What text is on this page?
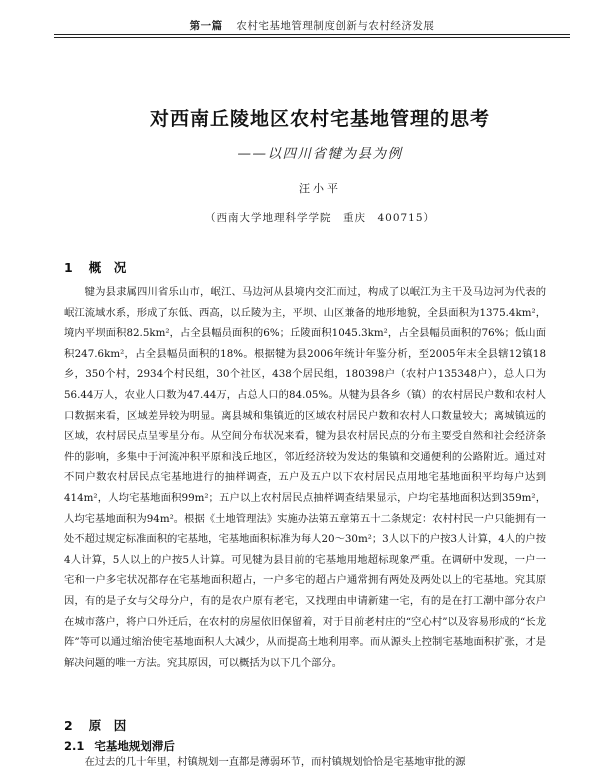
第一篇 农村宅基地管理制度创新与农村经济发展
对西南丘陵地区农村宅基地管理的思考
——以四川省犍为县为例
汪小平
（西南大学地理科学学院　重庆　400715）
1 概　况
犍为县隶属四川省乐山市，岷江、马边河从县境内交汇而过，构成了以岷江为主干及马边河为代表的岷江流域水系，形成了东低、西高，以丘陵为主，平坝、山区兼备的地形地貌，全县面积为1375.4km²，境内平坝面积82.5km²，占全县幅员面积的6%；丘陵面积1045.3km²，占全县幅员面积的76%；低山面积247.6km²，占全县幅员面积的18%。根据犍为县2006年统计年鉴分析，至2005年末全县辖12镇18乡，350个村，2934个村民组，30个社区，438个居民组，180398户（农村户135348户），总人口为56.44万人，农业人口数为47.44万，占总人口的84.05%。从犍为县各乡（镇）的农村居民户数和农村人口数据来看，区域差异较为明显。离县城和集镇近的区域农村居民户数和农村人口数量较大；离城镇远的区域，农村居民点呈零星分布。从空间分布状况来看，犍为县农村居民点的分布主要受自然和社会经济条件的影响，多集中于河流冲积平原和浅丘地区，邻近经济较为发达的集镇和交通便利的公路附近。通过对不同户数农村居民点宅基地进行的抽样调查，五户及五户以下农村居民点用地宅基地面积平均每户达到414m²，人均宅基地面积99m²；五户以上农村居民点抽样调查结果显示，户均宅基地面积达到359m²，人均宅基地面积为94m²。根据《土地管理法》实施办法第五章第五十二条规定：农村村民一户只能拥有一处不超过规定标准面积的宅基地，宅基地面积标准为每人20～30m²；3人以下的户按3人计算，4人的户按4人计算，5人以上的户按5人计算。可见犍为县目前的宅基地用地超标现象严重。在调研中发现，一户一宅和一户多宅状况都存在宅基地面积超占，一户多宅的超占户通常拥有两处及两处以上的宅基地。究其原因，有的是子女与父母分户，有的是农户原有老宅，又找理由申请新建一宅，有的是在打工潮中部分农户在城市落户，将户口外迁后，在农村的房屋依旧保留着，对于目前老村庄的“空心村”以及容易形成的“长龙阵”等可以通过缩治使宅基地面积人大减少，从而提高土地利用率。而从源头上控制宅基地面积扩张，才是解决问题的唯一方法。究其原因，可以概括为以下几个部分。
2 原　因
2.1 宅基地规划滞后
在过去的几十年里，村镇规划一直都是薄弱环节，而村镇规划恰恰是宅基地审批的源
